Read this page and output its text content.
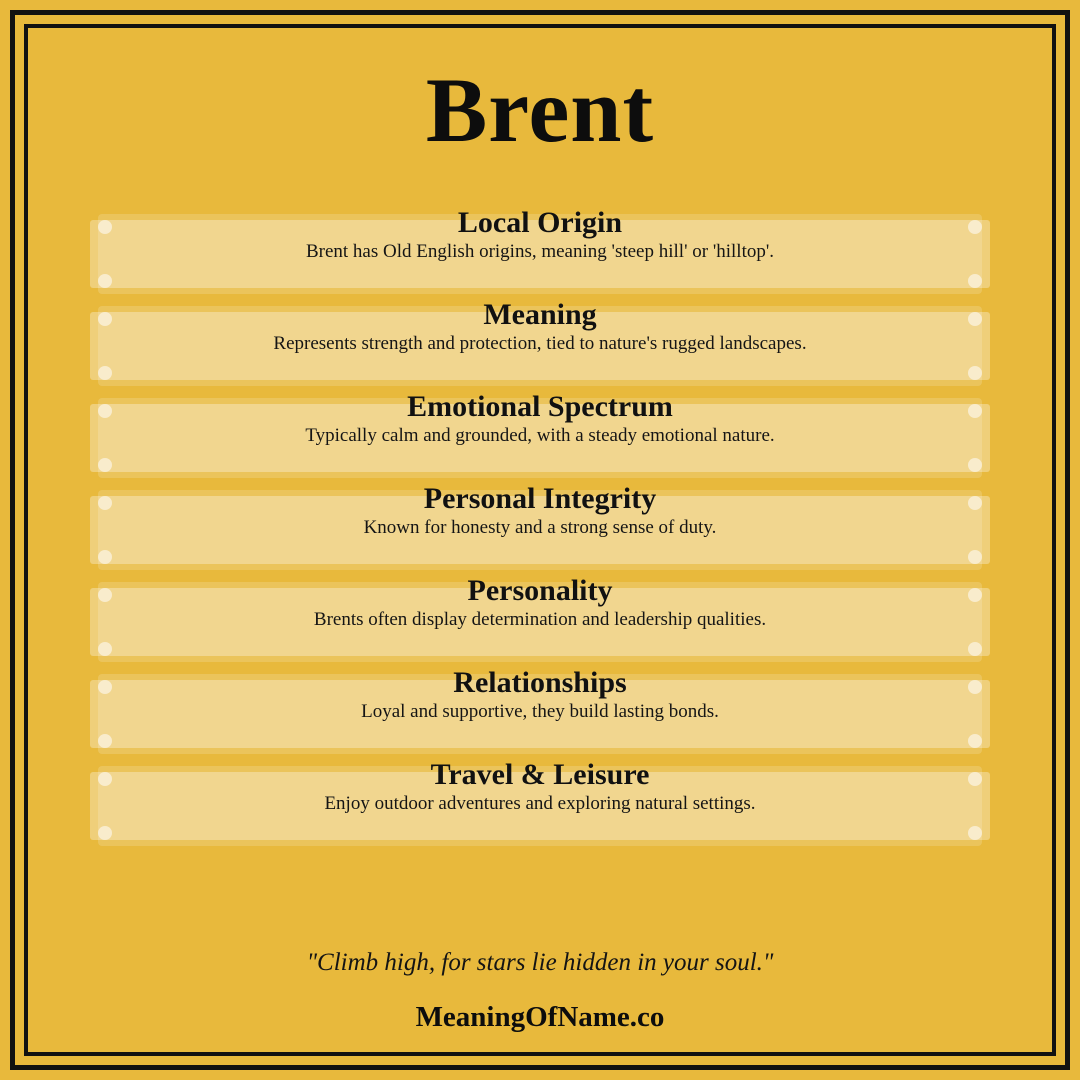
Brent

Local Origin

Brent has Old English origins, meaning 'steep hill' or 'hilltop'.

Meaning

Represents strength and protection, tied to nature's rugged landscapes.

Emotional Spectrum

Typically calm and grounded, with a steady emotional nature.

Personal Integrity

Known for honesty and a strong sense of duty.

Personality

Brents often display determination and leadership qualities.

Relationships

Loyal and supportive, they build lasting bonds.

Travel & Leisure

Enjoy outdoor adventures and exploring natural settings.

"Climb high, for stars lie hidden in your soul."

MeaningOfName.co
